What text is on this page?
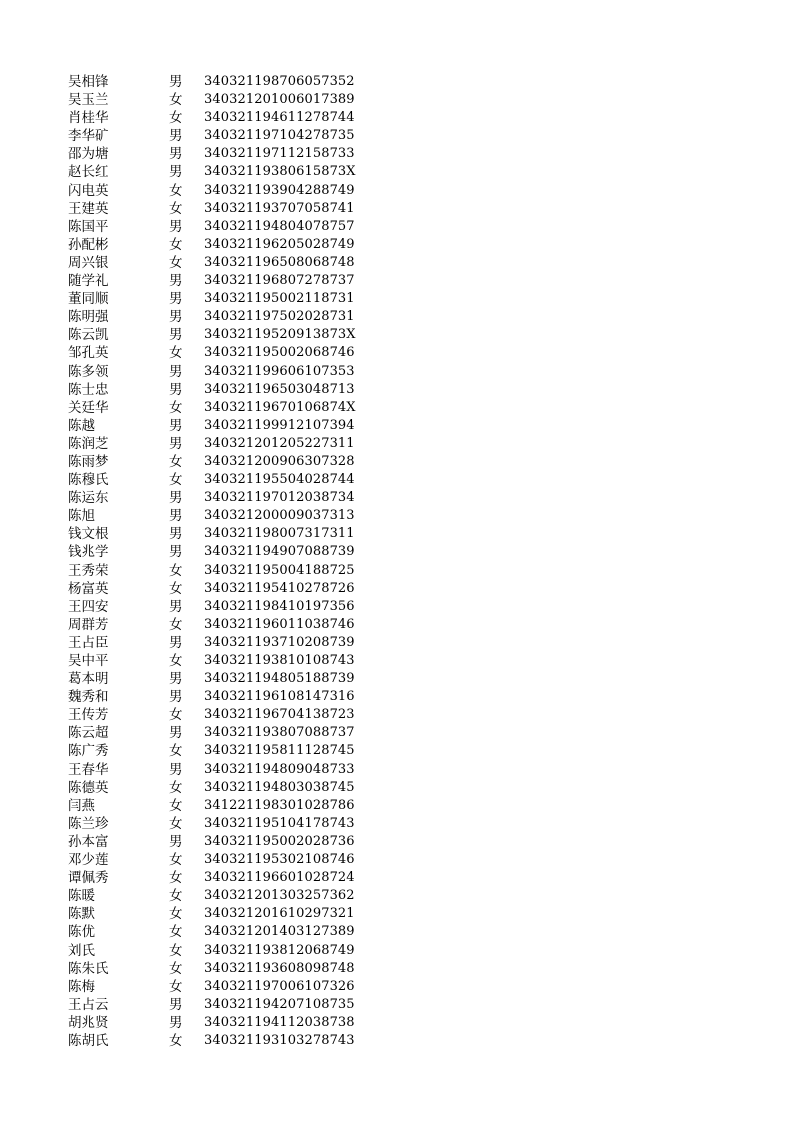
吴相锋	男	340321198706057352
吴玉兰	女	340321201006017389
肖桂华	女	340321194611278744
李华矿	男	340321197104278735
邵为塘	男	340321197112158733
赵长红	男	34032119380615873X
闪电英	女	340321193904288749
王建英	女	340321193707058741
陈国平	男	340321194804078757
孙配彬	女	340321196205028749
周兴银	女	340321196508068748
随学礼	男	340321196807278737
董同顺	男	340321195002118731
陈明强	男	340321197502028731
陈云凯	男	34032119520913873X
邹孔英	女	340321195002068746
陈多领	男	340321199606107353
陈士忠	男	340321196503048713
关廷华	女	34032119670106874X
陈越	男	340321199912107394
陈润芝	男	340321201205227311
陈雨梦	女	340321200906307328
陈穆氏	女	340321195504028744
陈运东	男	340321197012038734
陈旭	男	340321200009037313
钱文根	男	340321198007317311
钱兆学	男	340321194907088739
王秀荣	女	340321195004188725
杨富英	女	340321195410278726
王四安	男	340321198410197356
周群芳	女	340321196011038746
王占臣	男	340321193710208739
吴中平	女	340321193810108743
葛本明	男	340321194805188739
魏秀和	男	340321196108147316
王传芳	女	340321196704138723
陈云超	男	340321193807088737
陈广秀	女	340321195811128745
王春华	男	340321194809048733
陈德英	女	340321194803038745
闫燕	女	341221198301028786
陈兰珍	女	340321195104178743
孙本富	男	340321195002028736
邓少莲	女	340321195302108746
谭佩秀	女	340321196601028724
陈暖	女	340321201303257362
陈默	女	340321201610297321
陈优	女	340321201403127389
刘氏	女	340321193812068749
陈朱氏	女	340321193608098748
陈梅	女	340321197006107326
王占云	男	340321194207108735
胡兆贤	男	340321194112038738
陈胡氏	女	340321193103278743
